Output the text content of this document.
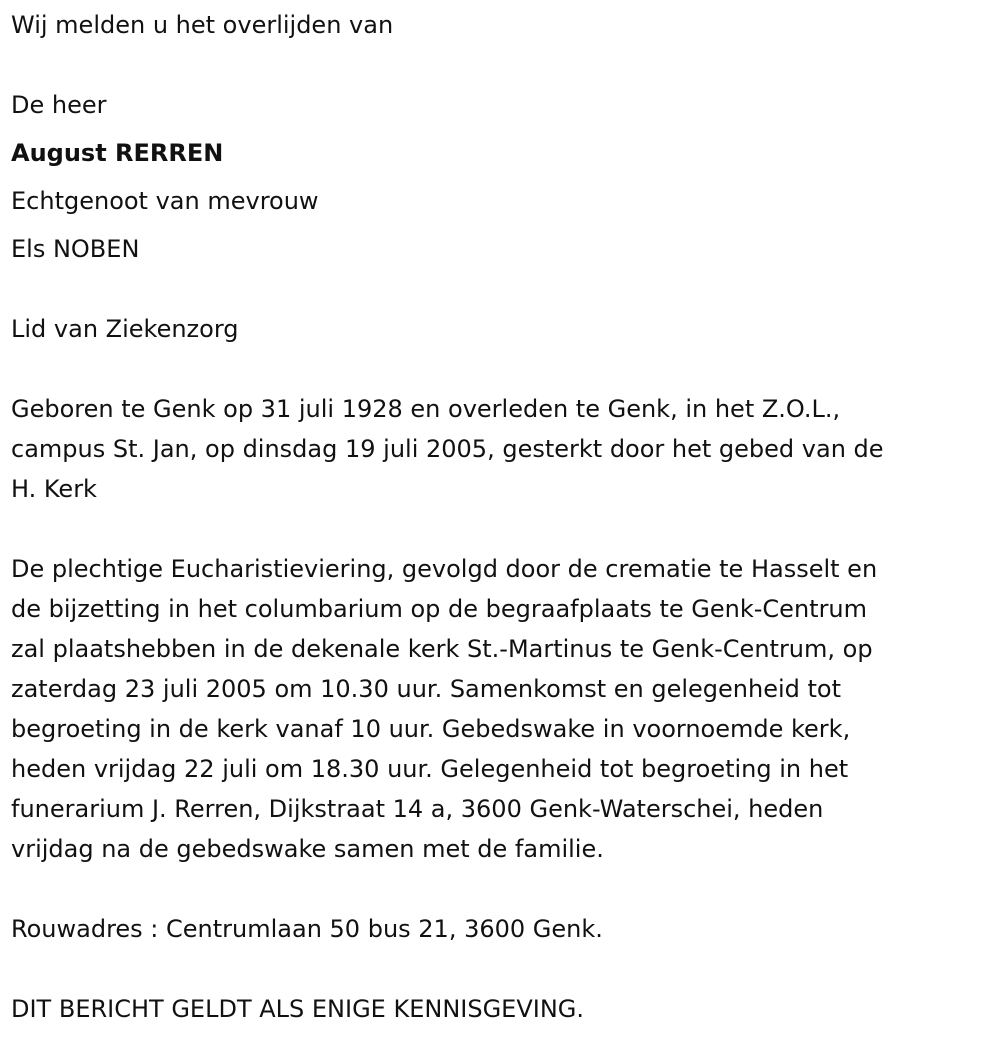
Wij melden u het overlijden van
De heer
August RERREN
Echtgenoot van mevrouw
Els NOBEN
Lid van Ziekenzorg
Geboren te Genk op 31 juli 1928 en overleden te Genk, in het Z.O.L.,
campus St. Jan, op dinsdag 19 juli 2005, gesterkt door het gebed van de
H. Kerk
De plechtige Eucharistieviering, gevolgd door de crematie te Hasselt en
de bijzetting in het columbarium op de begraafplaats te Genk-Centrum
zal plaatshebben in de dekenale kerk St.-Martinus te Genk-Centrum, op
zaterdag 23 juli 2005 om 10.30 uur. Samenkomst en gelegenheid tot
begroeting in de kerk vanaf 10 uur. Gebedswake in voornoemde kerk,
heden vrijdag 22 juli om 18.30 uur. Gelegenheid tot begroeting in het
funerarium J. Rerren, Dijkstraat 14 a, 3600 Genk-Waterschei, heden
vrijdag na de gebedswake samen met de familie.
Rouwadres : Centrumlaan 50 bus 21, 3600 Genk.
DIT BERICHT GELDT ALS ENIGE KENNISGEVING.
